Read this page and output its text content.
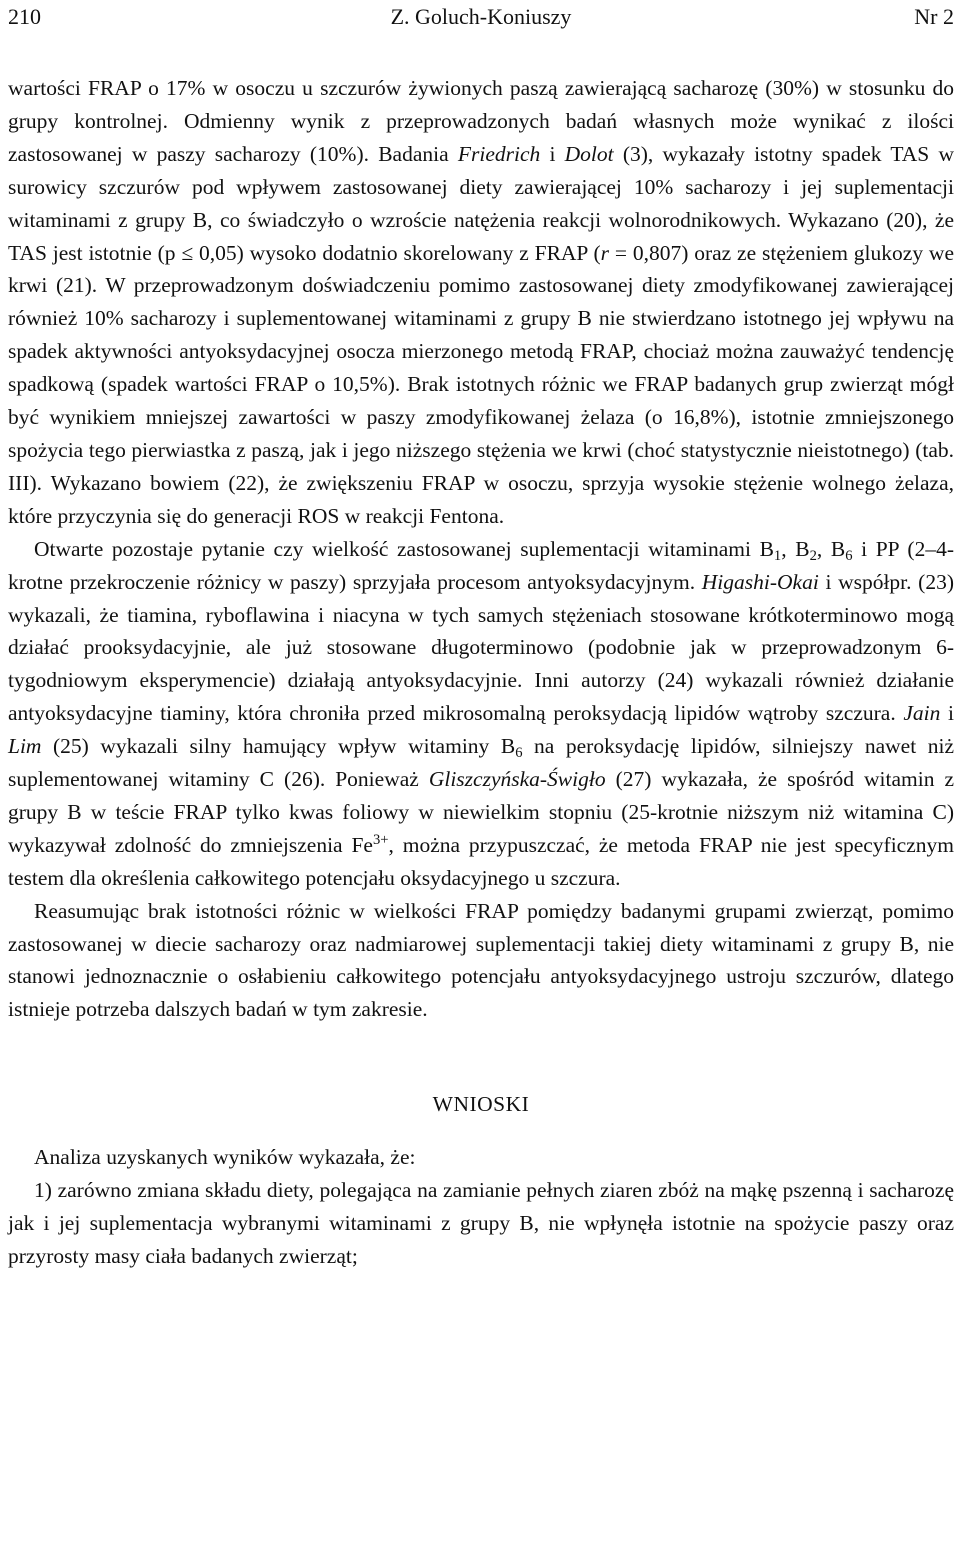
210	Z. Goluch-Koniuszy	Nr 2

wartości FRAP o 17% w osoczu u szczurów żywionych paszą zawierającą sacharozę (30%) w stosunku do grupy kontrolnej. Odmienny wynik z przeprowadzonych badań własnych może wynikać z ilości zastosowanej w paszy sacharozy (10%). Badania Friedrich i Dolot (3), wykazały istotny spadek TAS w surowicy szczurów pod wpływem zastosowanej diety zawierającej 10% sacharozy i jej suplementacji witaminami z grupy B, co świadczyło o wzroście natężenia reakcji wolnorodnikowych. Wykazano (20), że TAS jest istotnie (p ≤ 0,05) wysoko dodatnio skorelowany z FRAP (r = 0,807) oraz ze stężeniem glukozy we krwi (21). W przeprowadzonym doświadczeniu pomimo zastosowanej diety zmodyfikowanej zawierającej również 10% sacharozy i suplementowanej witaminami z grupy B nie stwierdzano istotnego jej wpływu na spadek aktywności antyoksydacyjnej osocza mierzonego metodą FRAP, chociaż można zauważyć tendencję spadkową (spadek wartości FRAP o 10,5%). Brak istotnych różnic we FRAP badanych grup zwierząt mógł być wynikiem mniejszej zawartości w paszy zmodyfikowanej żelaza (o 16,8%), istotnie zmniejszonego spożycia tego pierwiastka z paszą, jak i jego niższego stężenia we krwi (choć statystycznie nieistotnego) (tab. III). Wykazano bowiem (22), że zwiększeniu FRAP w osoczu, sprzyja wysokie stężenie wolnego żelaza, które przyczynia się do generacji ROS w reakcji Fentona.

Otwarte pozostaje pytanie czy wielkość zastosowanej suplementacji witaminami $B_1$, $B_2$, $B_6$ i PP (2–4-krotne przekroczenie różnicy w paszy) sprzyjała procesom antyoksydacyjnym. Higashi-Okai i współpr. (23) wykazali, że tiamina, ryboflawina i niacyna w tych samych stężeniach stosowane krótkoterminowo mogą działać prooksydacyjnie, ale już stosowane długoterminowo (podobnie jak w przeprowadzonym 6-tygodniowym eksperymencie) działają antyoksydacyjnie. Inni autorzy (24) wykazali również działanie antyoksydacyjne tiaminy, która chroniła przed mikrosomalną peroksydacją lipidów wątroby szczura. Jain i Lim (25) wykazali silny hamujący wpływ witaminy $B_6$ na peroksydację lipidów, silniejszy nawet niż suplementowanej witaminy C (26). Ponieważ Gliszczyńska-Świgło (27) wykazała, że spośród witamin z grupy B w teście FRAP tylko kwas foliowy w niewielkim stopniu (25-krotnie niższym niż witamina C) wykazywał zdolność do zmniejszenia $Fe^{3+}$, można przypuszczać, że metoda FRAP nie jest specyficznym testem dla określenia całkowitego potencjału oksydacyjnego u szczura.

Reasumując brak istotności różnic w wielkości FRAP pomiędzy badanymi grupami zwierząt, pomimo zastosowanej w diecie sacharozy oraz nadmiarowej suplementacji takiej diety witaminami z grupy B, nie stanowi jednoznacznie o osłabieniu całkowitego potencjału antyoksydacyjnego ustroju szczurów, dlatego istnieje potrzeba dalszych badań w tym zakresie.

WNIOSKI

Analiza uzyskanych wyników wykazała, że:

1) zarówno zmiana składu diety, polegająca na zamianie pełnych ziaren zbóż na mąkę pszenną i sacharozę jak i jej suplementacja wybranymi witaminami z grupy B, nie wpłynęła istotnie na spożycie paszy oraz przyrosty masy ciała badanych zwierząt;
